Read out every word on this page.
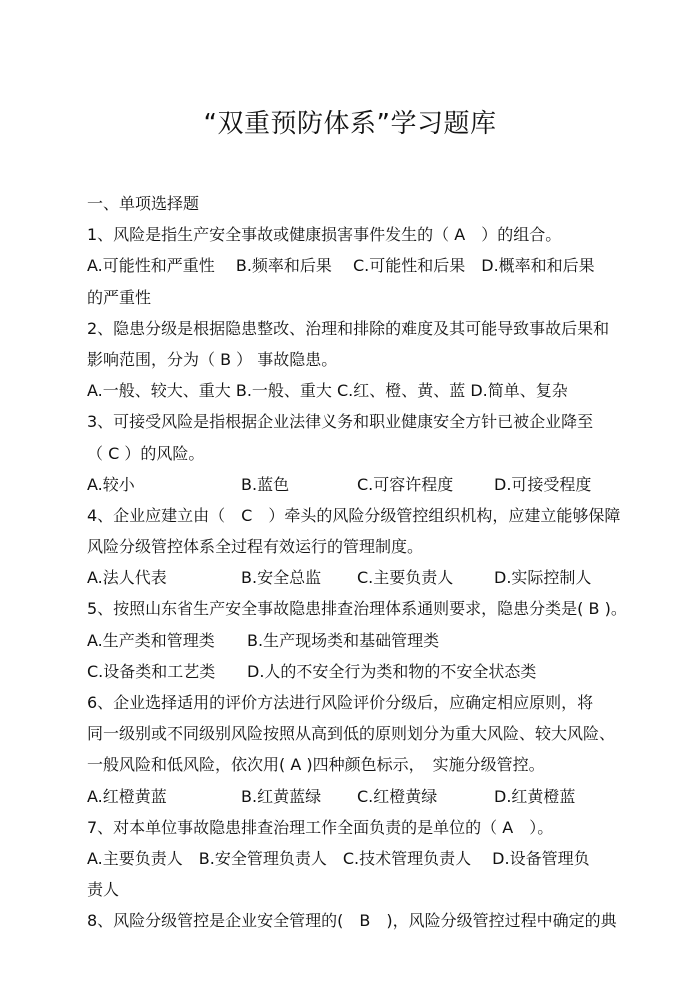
“双重预防体系”学习题库
一、单项选择题
1、风险是指生产安全事故或健康损害事件发生的（ A　）的组合。
A.可能性和严重性　 B.频率和后果　 C.可能性和后果　D.概率和和后果
的严重性
2、隐患分级是根据隐患整改、治理和排除的难度及其可能导致事故后果和
影响范围，分为（ B ） 事故隐患。
A.一般、较大、重大 B.一般、重大 C.红、橙、黄、蓝 D.简单、复杂
3、可接受风险是指根据企业法律义务和职业健康安全方针已被企业降至
（ C ）的风险。
A.较小	B.蓝色	C.可容许程度	D.可接受程度
4、企业应建立由（　C　）牵头的风险分级管控组织机构，应建立能够保障
风险分级管控体系全过程有效运行的管理制度。
A.法人代表	B.安全总监	C.主要负责人	D.实际控制人
5、按照山东省生产安全事故隐患排查治理体系通则要求，隐患分类是( B )。
A.生产类和管理类	B.生产现场类和基础管理类
C.设备类和工艺类	D.人的不安全行为类和物的不安全状态类
6、企业选择适用的评价方法进行风险评价分级后，应确定相应原则，将
同一级别或不同级别风险按照从高到低的原则划分为重大风险、较大风险、
一般风险和低风险，依次用( A )四种颜色标示，　实施分级管控。
A.红橙黄蓝	B.红黄蓝绿	C.红橙黄绿	D.红黄橙蓝
7、对本单位事故隐患排查治理工作全面负责的是单位的（ A　）。
A.主要负责人　B.安全管理负责人　C.技术管理负责人　 D.设备管理负
责人
8、风险分级管控是企业安全管理的(　B　)，风险分级管控过程中确定的典
